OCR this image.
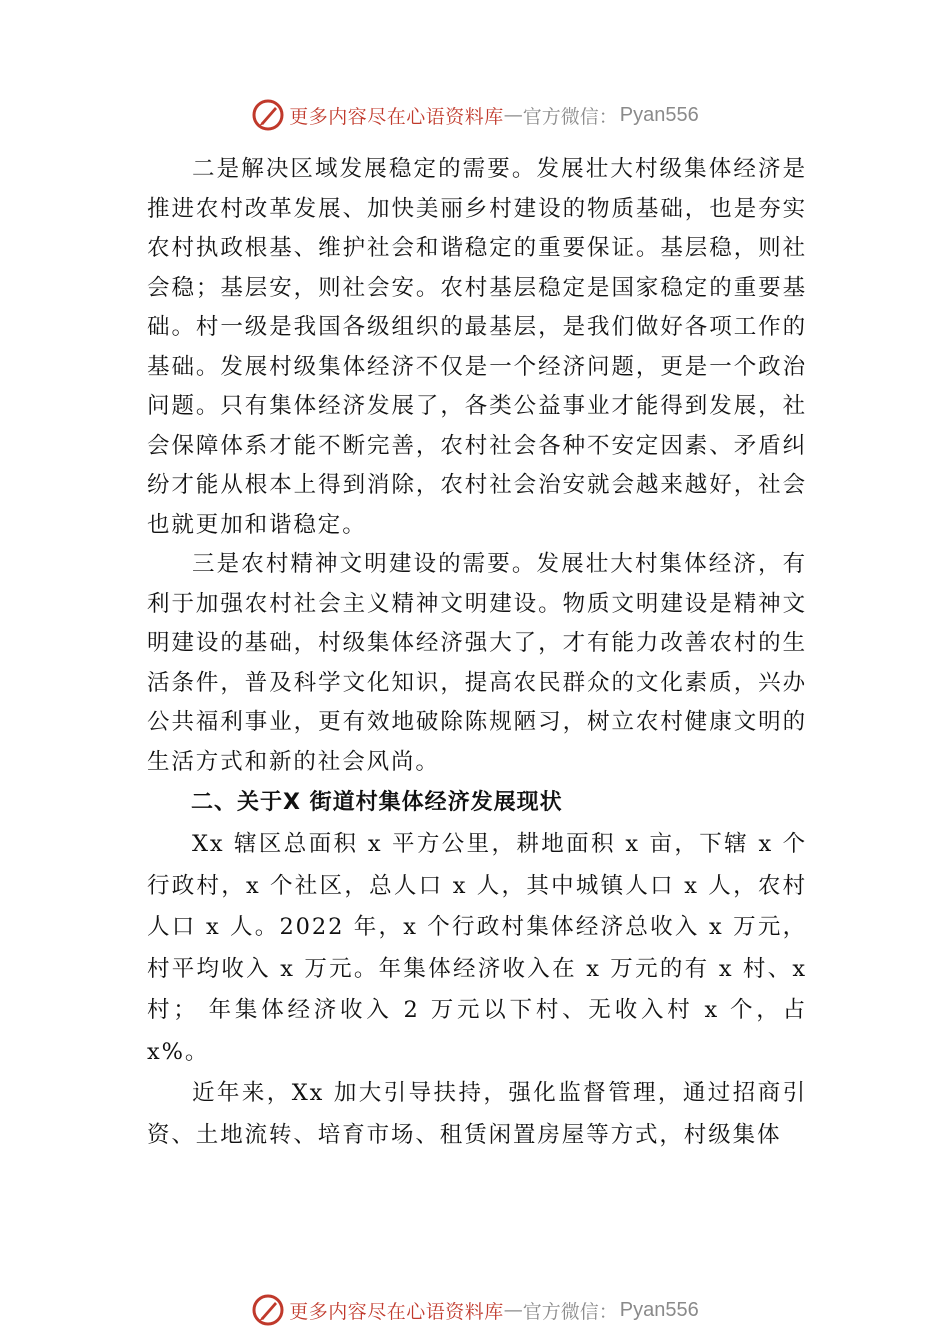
更多内容尽在心语资料库 — 官方微信： Pyan556

二是解决区域发展稳定的需要。发展壮大村级集体经济是推进农村改革发展、加快美丽乡村建设的物质基础，也是夯实农村执政根基、维护社会和谐稳定的重要保证。基层稳，则社会稳；基层安，则社会安。农村基层稳定是国家稳定的重要基础。村一级是我国各级组织的最基层，是我们做好各项工作的基础。发展村级集体经济不仅是一个经济问题，更是一个政治问题。只有集体经济发展了，各类公益事业才能得到发展，社会保障体系才能不断完善，农村社会各种不安定因素、矛盾纠纷才能从根本上得到消除，农村社会治安就会越来越好，社会也就更加和谐稳定。

三是农村精神文明建设的需要。发展壮大村集体经济，有利于加强农村社会主义精神文明建设。物质文明建设是精神文明建设的基础，村级集体经济强大了，才有能力改善农村的生活条件，普及科学文化知识，提高农民群众的文化素质，兴办公共福利事业，更有效地破除陈规陋习，树立农村健康文明的生活方式和新的社会风尚。

二、关于X 街道村集体经济发展现状

Xx 辖区总面积 x 平方公里，耕地面积 x 亩，下辖 x 个行政村，x 个社区，总人口 x 人，其中城镇人口 x 人，农村人口 x 人。2022 年，x 个行政村集体经济总收入 x 万元，村平均收入 x 万元。年集体经济收入在 x 万元的有 x 村、x 村； 年集体经济收入 2 万元以下村、无收入村 x 个，占 x%。

近年来，Xx 加大引导扶持，强化监督管理，通过招商引资、土地流转、培育市场、租赁闲置房屋等方式，村级集体

更多内容尽在心语资料库 — 官方微信： Pyan556
